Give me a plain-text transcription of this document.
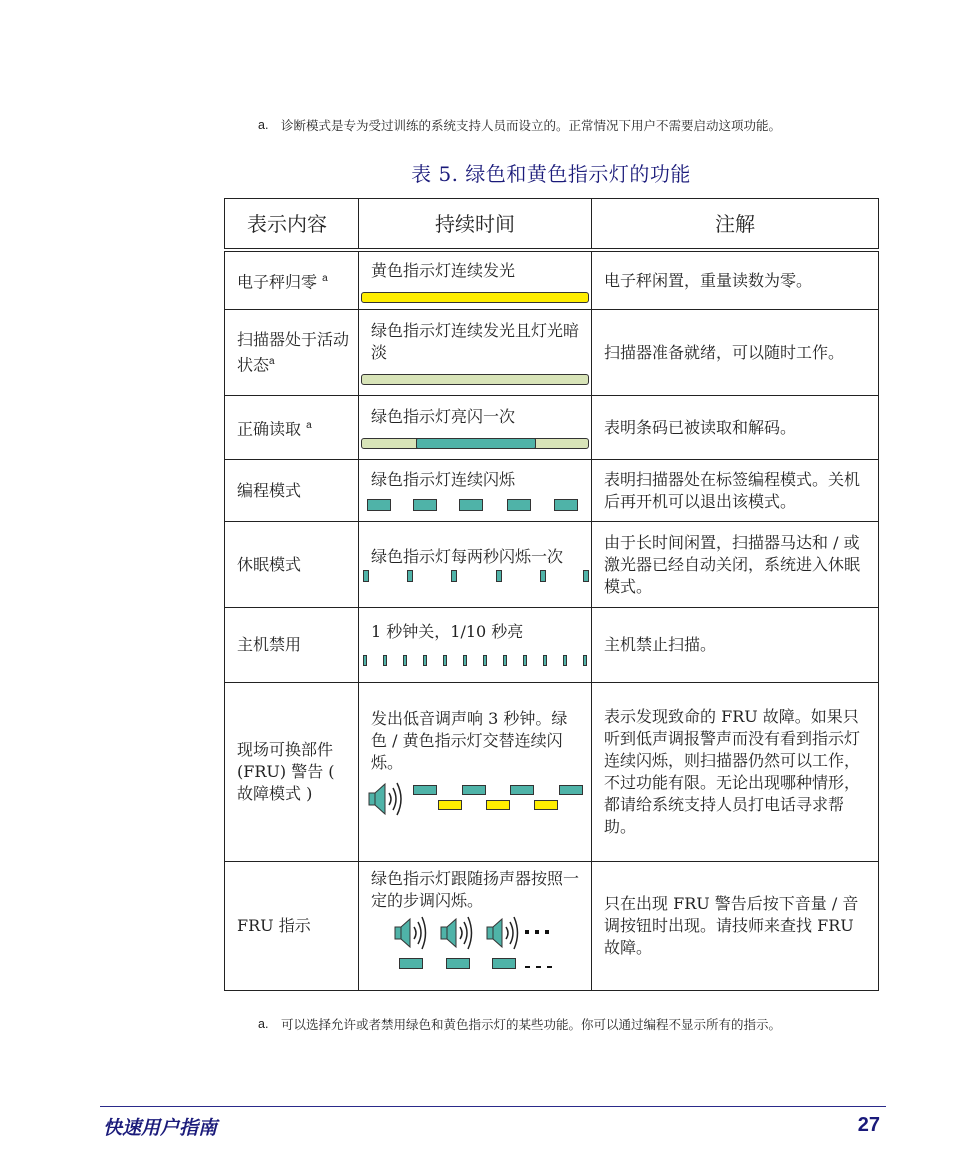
a.	诊断模式是专为受过训练的系统支持人员而设立的。正常情况下用户不需要启动这项功能。
表 5. 绿色和黄色指示灯的功能
表示内容	持续时间	注解
电子秤归零 $^a$	黄色指示灯连续发光	电子秤闲置，重量读数为零。
扫描器处于活动状态$^a$	绿色指示灯连续发光且灯光暗淡	扫描器准备就绪，可以随时工作。
正确读取 $^a$	绿色指示灯亮闪一次	表明条码已被读取和解码。
编程模式	绿色指示灯连续闪烁	表明扫描器处在标签编程模式。关机后再开机可以退出该模式。
休眠模式	绿色指示灯每两秒闪烁一次	由于长时间闲置，扫描器马达和 / 或激光器已经自动关闭，系统进入休眠模式。
主机禁用	1 秒钟关，1/10 秒亮	主机禁止扫描。
现场可换部件 (FRU) 警告 ( 故障模式 )	发出低音调声响 3 秒钟。绿色 / 黄色指示灯交替连续闪烁。	表示发现致命的 FRU 故障。如果只听到低声调报警声而没有看到指示灯连续闪烁，则扫描器仍然可以工作，不过功能有限。无论出现哪种情形，都请给系统支持人员打电话寻求帮助。
FRU 指示	绿色指示灯跟随扬声器按照一定的步调闪烁。	只在出现 FRU 警告后按下音量 / 音调按钮时出现。请技师来查找 FRU 故障。
a.	可以选择允许或者禁用绿色和黄色指示灯的某些功能。你可以通过编程不显示所有的指示。
快速用户指南	27
